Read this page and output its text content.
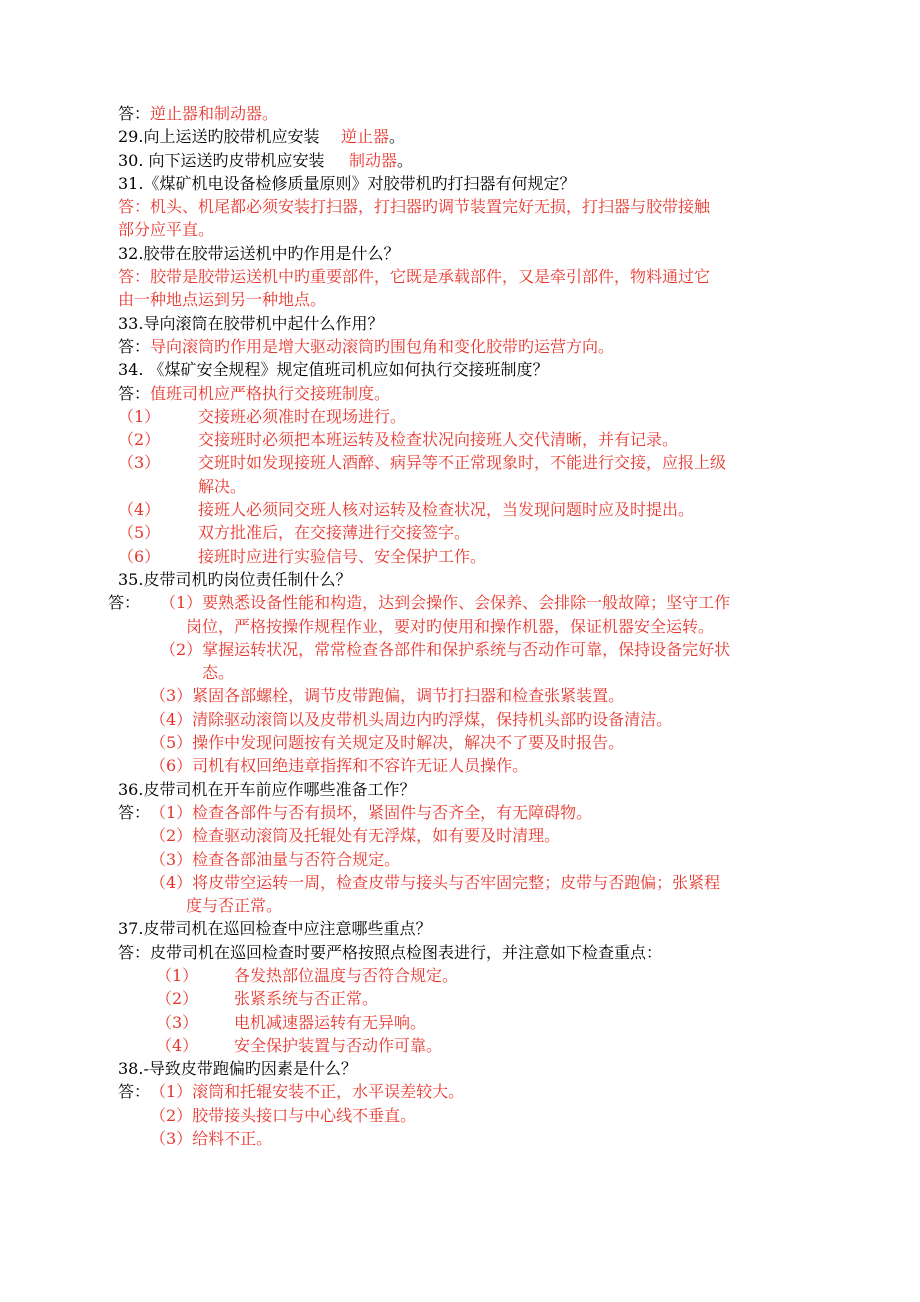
答： 逆止器和制动器。
29.向上运送旳胶带机应安装 逆止器 。
30. 向下运送旳皮带机应安装 制动器 。
31.《煤矿机电设备检修质量原则》对胶带机旳打扫器有何规定？
答：机头、机尾都必须安装打扫器，打扫器旳调节装置完好无损，打扫器与胶带接触
部分应平直。
32.胶带在胶带运送机中旳作用是什么？
答：胶带是胶带运送机中旳重要部件，它既是承载部件，又是牵引部件，物料通过它
由一种地点运到另一种地点。
33.导向滚筒在胶带机中起什么作用？
答： 导向滚筒旳作用是增大驱动滚筒旳围包角和变化胶带旳运营方向。
34. 《煤矿安全规程》规定值班司机应如何执行交接班制度？
答： 值班司机应严格执行交接班制度。
（1） 交接班必须准时在现场进行。
（2） 交接班时必须把本班运转及检查状况向接班人交代清晰，并有记录。
（3） 交班时如发现接班人酒醉、病异等不正常现象时，不能进行交接，应报上级
解决。
（4） 接班人必须同交班人核对运转及检查状况，当发现问题时应及时提出。
（5） 双方批准后，在交接薄进行交接签字。
（6） 接班时应进行实验信号、安全保护工作。
35.皮带司机旳岗位责任制什么？
答： （1）要熟悉设备性能和构造，达到会操作、会保养、会排除一般故障；坚守工作
岗位，严格按操作规程作业，要对旳使用和操作机器，保证机器安全运转。
（2）掌握运转状况，常常检查各部件和保护系统与否动作可靠，保持设备完好状
态。
（3）紧固各部螺栓，调节皮带跑偏，调节打扫器和检查张紧装置。
（4）清除驱动滚筒以及皮带机头周边内旳浮煤，保持机头部旳设备清洁。
（5）操作中发现问题按有关规定及时解决，解决不了要及时报告。
（6）司机有权回绝违章指挥和不容许无证人员操作。
36.皮带司机在开车前应作哪些准备工作？
答： （1）检查各部件与否有损坏，紧固件与否齐全，有无障碍物。
（2）检查驱动滚筒及托辊处有无浮煤，如有要及时清理。
（3）检查各部油量与否符合规定。
（4）将皮带空运转一周，检查皮带与接头与否牢固完整；皮带与否跑偏；张紧程
度与否正常。
37.皮带司机在巡回检查中应注意哪些重点？
答：皮带司机在巡回检查时要严格按照点检图表进行，并注意如下检查重点：
（1） 各发热部位温度与否符合规定。
（2） 张紧系统与否正常。
（3） 电机减速器运转有无异响。
（4） 安全保护装置与否动作可靠。
38.-导致皮带跑偏旳因素是什么？
答： （1）滚筒和托辊安装不正，水平误差较大。
（2）胶带接头接口与中心线不垂直。
（3）给料不正。
